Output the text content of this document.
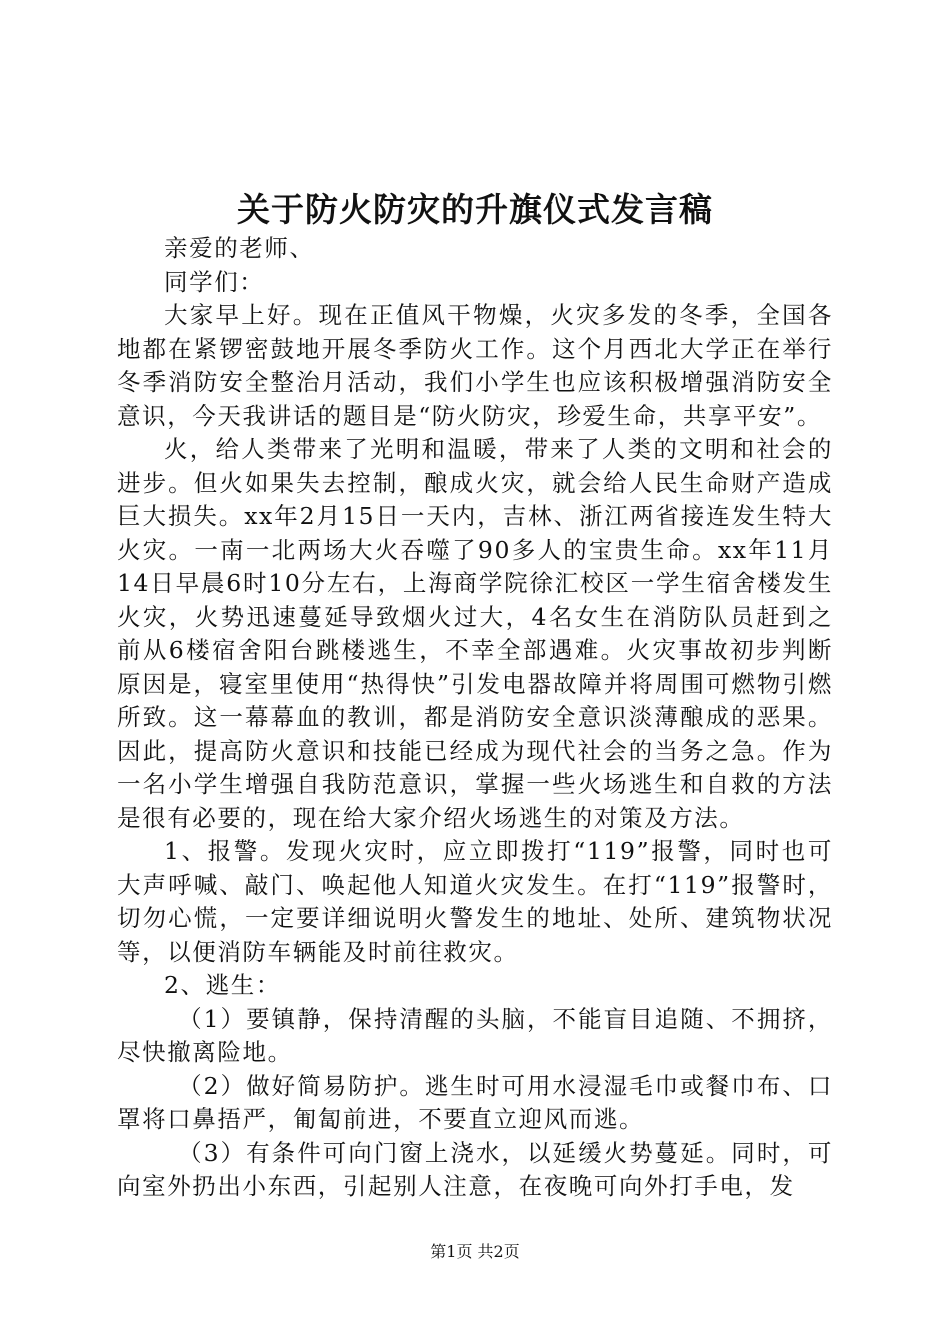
关于防火防灾的升旗仪式发言稿

亲爱的老师、

同学们：

大家早上好。现在正值风干物燥，火灾多发的冬季，全国各地都在紧锣密鼓地开展冬季防火工作。这个月西北大学正在举行冬季消防安全整治月活动，我们小学生也应该积极增强消防安全意识，今天我讲话的题目是“防火防灾，珍爱生命，共享平安”。

火，给人类带来了光明和温暖，带来了人类的文明和社会的进步。但火如果失去控制，酿成火灾，就会给人民生命财产造成巨大损失。xx年2月15日一天内，吉林、浙江两省接连发生特大火灾。一南一北两场大火吞噬了90多人的宝贵生命。xx年11月14日早晨6时10分左右，上海商学院徐汇校区一学生宿舍楼发生火灾，火势迅速蔓延导致烟火过大，4名女生在消防队员赶到之前从6楼宿舍阳台跳楼逃生，不幸全部遇难。火灾事故初步判断原因是，寝室里使用“热得快”引发电器故障并将周围可燃物引燃所致。这一幕幕血的教训，都是消防安全意识淡薄酿成的恶果。因此，提高防火意识和技能已经成为现代社会的当务之急。作为一名小学生增强自我防范意识，掌握一些火场逃生和自救的方法是很有必要的，现在给大家介绍火场逃生的对策及方法。

1、报警。发现火灾时，应立即拨打“119”报警，同时也可大声呼喊、敲门、唤起他人知道火灾发生。在打“119”报警时，切勿心慌，一定要详细说明火警发生的地址、处所、建筑物状况等，以便消防车辆能及时前往救灾。

2、逃生：

（1）要镇静，保持清醒的头脑，不能盲目追随、不拥挤，尽快撤离险地。

（2）做好简易防护。逃生时可用水浸湿毛巾或餐巾布、口罩将口鼻捂严，匍匐前进，不要直立迎风而逃。

（3）有条件可向门窗上浇水，以延缓火势蔓延。同时，可向室外扔出小东西，引起别人注意，在夜晚可向外打手电，发

第1页 共2页
